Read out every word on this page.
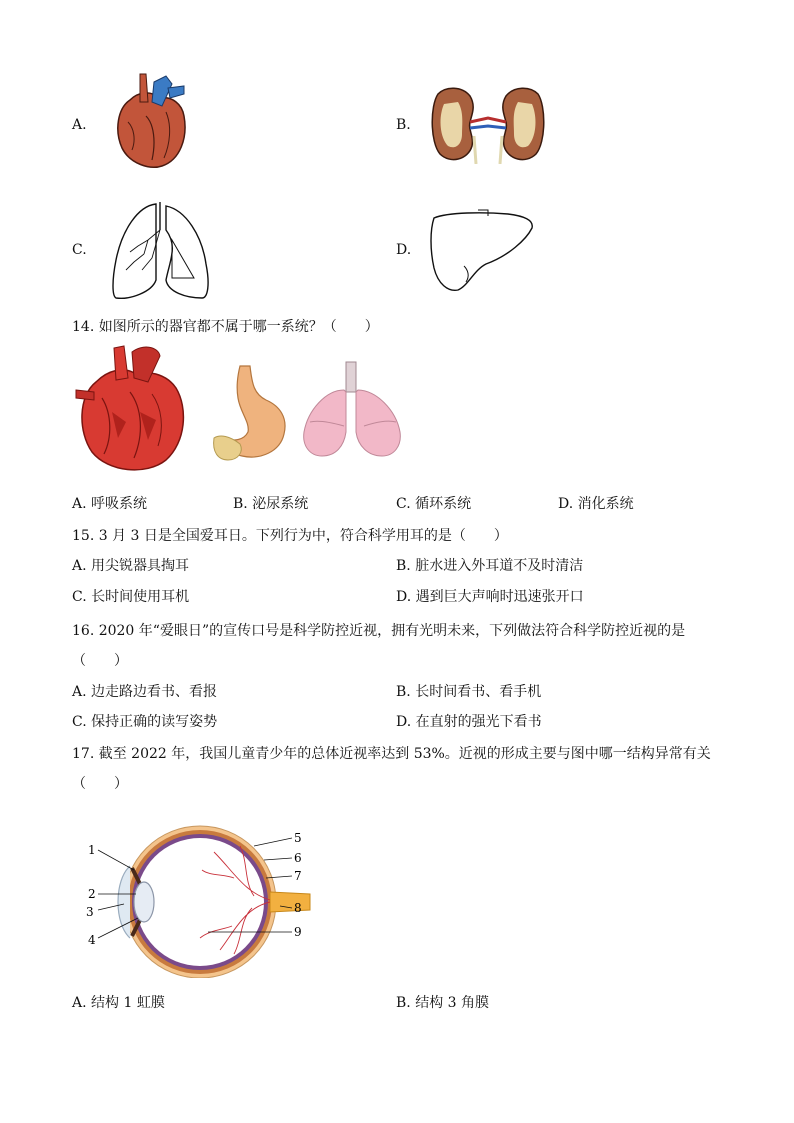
A.	B.
C.	D.
14. 如图所示的器官都不属于哪一系统？（　　）
A. 呼吸系统	B. 泌尿系统	C. 循环系统	D. 消化系统
15. 3 月 3 日是全国爱耳日。下列行为中，符合科学用耳的是（　　）
A. 用尖锐器具掏耳	B. 脏水进入外耳道不及时清洁
C. 长时间使用耳机	D. 遇到巨大声响时迅速张开口
16. 2020 年“爱眼日”的宣传口号是科学防控近视，拥有光明未来，下列做法符合科学防控近视的是
（　　）
A. 边走路边看书、看报	B. 长时间看书、看手机
C. 保持正确的读写姿势	D. 在直射的强光下看书
17. 截至 2022 年，我国儿童青少年的总体近视率达到 53%。近视的形成主要与图中哪一结构异常有关
（　　）
1
2
3
4
5
6
7
8
9
A. 结构 1 虹膜	B. 结构 3 角膜
